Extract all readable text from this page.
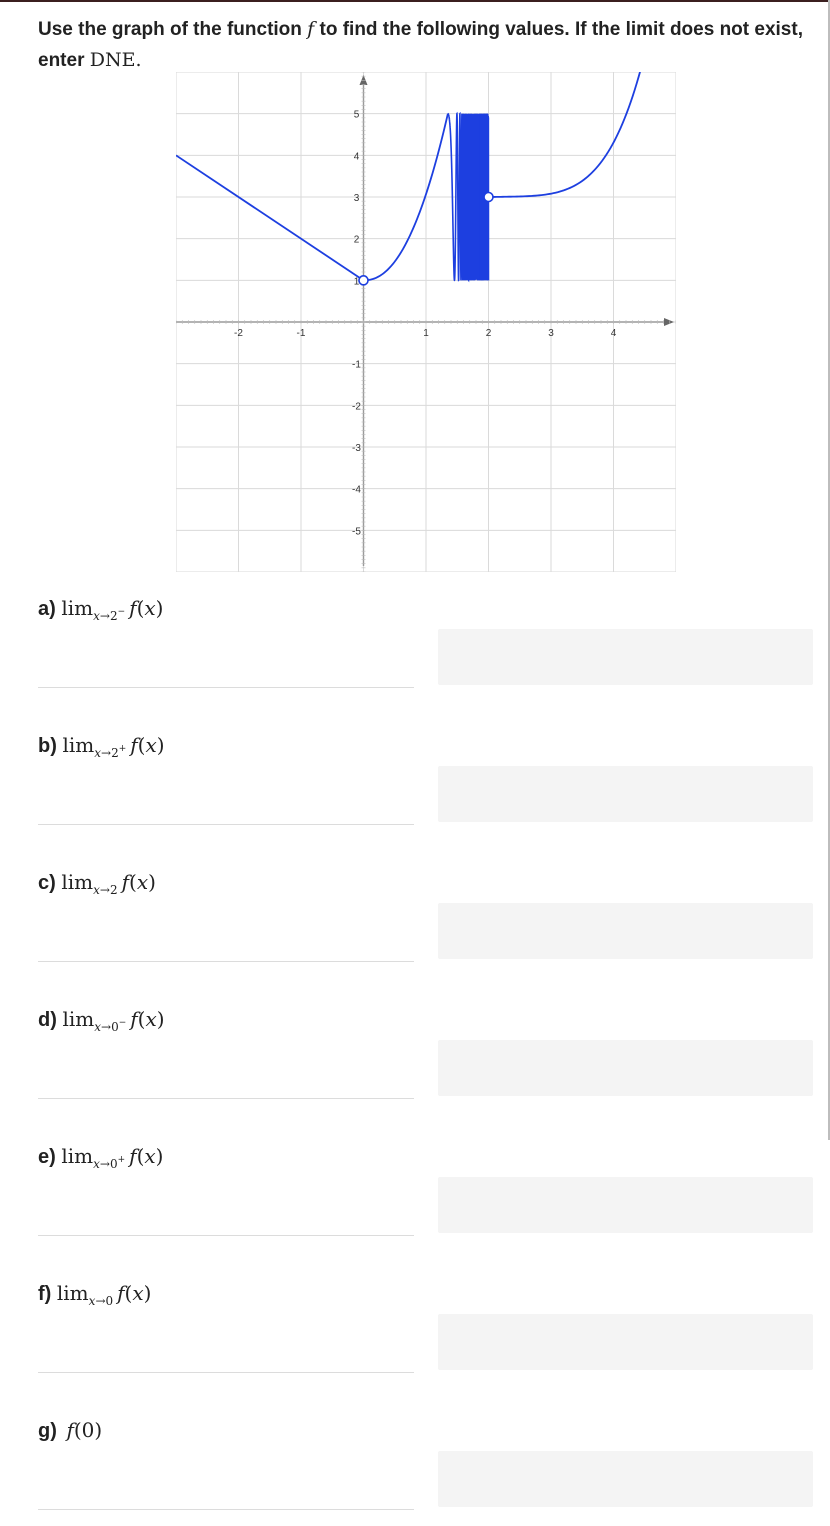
Use the graph of the function f to find the following values. If the limit does not exist, enter DNE.
-2	-1	1	2	3	4
5
4
3
2
1
-1
-2
-3
-4
-5
a) $\lim_{x\to 2^-} f(x)$
b) $\lim_{x\to 2^+} f(x)$
c) $\lim_{x\to 2} f(x)$
d) $\lim_{x\to 0^-} f(x)$
e) $\lim_{x\to 0^+} f(x)$
f) $\lim_{x\to 0} f(x)$
g) f(0)
